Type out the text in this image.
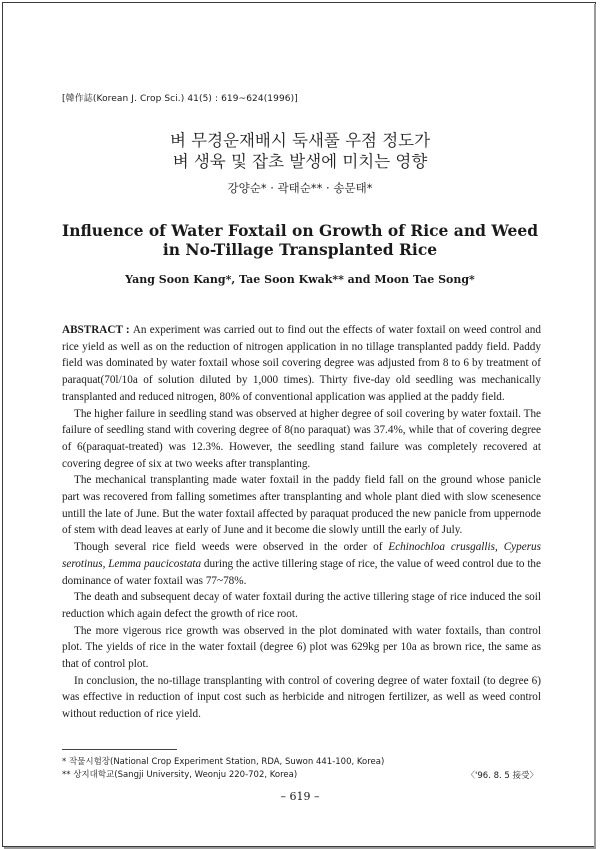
[韓作誌(Korean J. Crop Sci.) 41(5) : 619~624(1996)]
벼 무경운재배시 둑새풀 우점 정도가
벼 생육 및 잡초 발생에 미치는 영향
강양순* · 곽태순** · 송문태*
Influence of Water Foxtail on Growth of Rice and Weed
in No-Tillage Transplanted Rice
Yang Soon Kang*, Tae Soon Kwak** and Moon Tae Song*

ABSTRACT : An experiment was carried out to find out the effects of water foxtail on weed control and rice yield as well as on the reduction of nitrogen application in no tillage transplanted paddy field. Paddy field was dominated by water foxtail whose soil covering degree was adjusted from 8 to 6 by treatment of paraquat(70l/10a of solution diluted by 1,000 times). Thirty five-day old seedling was mechanically transplanted and reduced nitrogen, 80% of conventional application was applied at the paddy field.

The higher failure in seedling stand was observed at higher degree of soil covering by water foxtail. The failure of seedling stand with covering degree of 8(no paraquat) was 37.4%, while that of covering degree of 6(paraquat-treated) was 12.3%. However, the seedling stand failure was completely recovered at covering degree of six at two weeks after transplanting.

The mechanical transplanting made water foxtail in the paddy field fall on the ground whose panicle part was recovered from falling sometimes after transplanting and whole plant died with slow scenesence untill the late of June. But the water foxtail affected by paraquat produced the new panicle from uppernode of stem with dead leaves at early of June and it become die slowly untill the early of July.

Though several rice field weeds were observed in the order of Echinochloa crusgallis, Cyperus serotinus, Lemma paucicostata during the active tillering stage of rice, the value of weed control due to the dominance of water foxtail was 77~78%.

The death and subsequent decay of water foxtail during the active tillering stage of rice induced the soil reduction which again defect the growth of rice root.

The more vigerous rice growth was observed in the plot dominated with water foxtails, than control plot. The yields of rice in the water foxtail (degree 6) plot was 629kg per 10a as brown rice, the same as that of control plot.

In conclusion, the no-tillage transplanting with control of covering degree of water foxtail (to degree 6) was effective in reduction of input cost such as herbicide and nitrogen fertilizer, as well as weed control without reduction of rice yield.

* 작물시험장(National Crop Experiment Station, RDA, Suwon 441-100, Korea)
** 상지대학교(Sangji University, Weonju 220-702, Korea)	〈'96. 8. 5 接受〉
– 619 –
